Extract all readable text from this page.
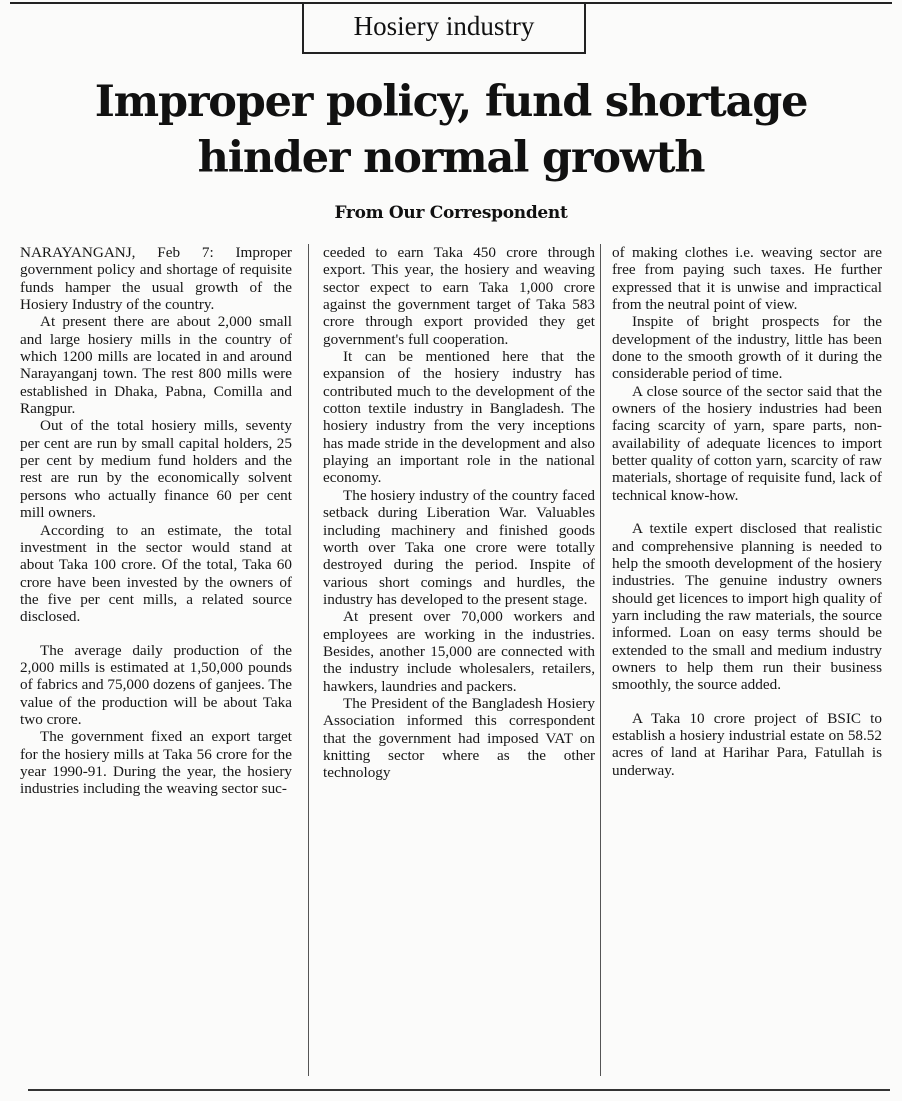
Hosiery industry
Improper policy, fund shortage
hinder normal growth
From Our Correspondent

NARAYANGANJ, Feb 7: Improper government policy and shortage of requisite funds hamper the usual growth of the Hosiery Industry of the country.

At present there are about 2,000 small and large hosiery mills in the country of which 1200 mills are located in and around Narayanganj town. The rest 800 mills were established in Dhaka, Pabna, Comilla and Rangpur.

Out of the total hosiery mills, seventy per cent are run by small capital holders, 25 per cent by medium fund holders and the rest are run by the economically solvent persons who actually finance 60 per cent mill owners.

According to an estimate, the total investment in the sector would stand at about Taka 100 crore. Of the total, Taka 60 crore have been invested by the owners of the five per cent mills, a related source disclosed.

The average daily production of the 2,000 mills is estimated at 1,50,000 pounds of fabrics and 75,000 dozens of ganjees. The value of the production will be about Taka two crore.

The government fixed an export target for the hosiery mills at Taka 56 crore for the year 1990-91. During the year, the hosiery industries including the weaving sector suc-

ceeded to earn Taka 450 crore through export. This year, the hosiery and weaving sector expect to earn Taka 1,000 crore against the government target of Taka 583 crore through export provided they get government's full cooperation.

It can be mentioned here that the expansion of the hosiery industry has contributed much to the development of the cotton textile industry in Bangladesh. The hosiery industry from the very inceptions has made stride in the development and also playing an important role in the national economy.

The hosiery industry of the country faced setback during Liberation War. Valuables including machinery and finished goods worth over Taka one crore were totally destroyed during the period. Inspite of various short comings and hurdles, the industry has developed to the present stage.

At present over 70,000 workers and employees are working in the industries. Besides, another 15,000 are connected with the industry include wholesalers, retailers, hawkers, laundries and packers.

The President of the Bangladesh Hosiery Association informed this correspondent that the government had imposed VAT on knitting sector where as the other technology

of making clothes i.e. weaving sector are free from paying such taxes. He further expressed that it is unwise and impractical from the neutral point of view.

Inspite of bright prospects for the development of the industry, little has been done to the smooth growth of it during the considerable period of time.

A close source of the sector said that the owners of the hosiery industries had been facing scarcity of yarn, spare parts, non-availability of adequate licences to import better quality of cotton yarn, scarcity of raw materials, shortage of requisite fund, lack of technical know-how.

A textile expert disclosed that realistic and comprehensive planning is needed to help the smooth development of the hosiery industries. The genuine industry owners should get licences to import high quality of yarn including the raw materials, the source informed. Loan on easy terms should be extended to the small and medium industry owners to help them run their business smoothly, the source added.

A Taka 10 crore project of BSIC to establish a hosiery industrial estate on 58.52 acres of land at Harihar Para, Fatullah is underway.
